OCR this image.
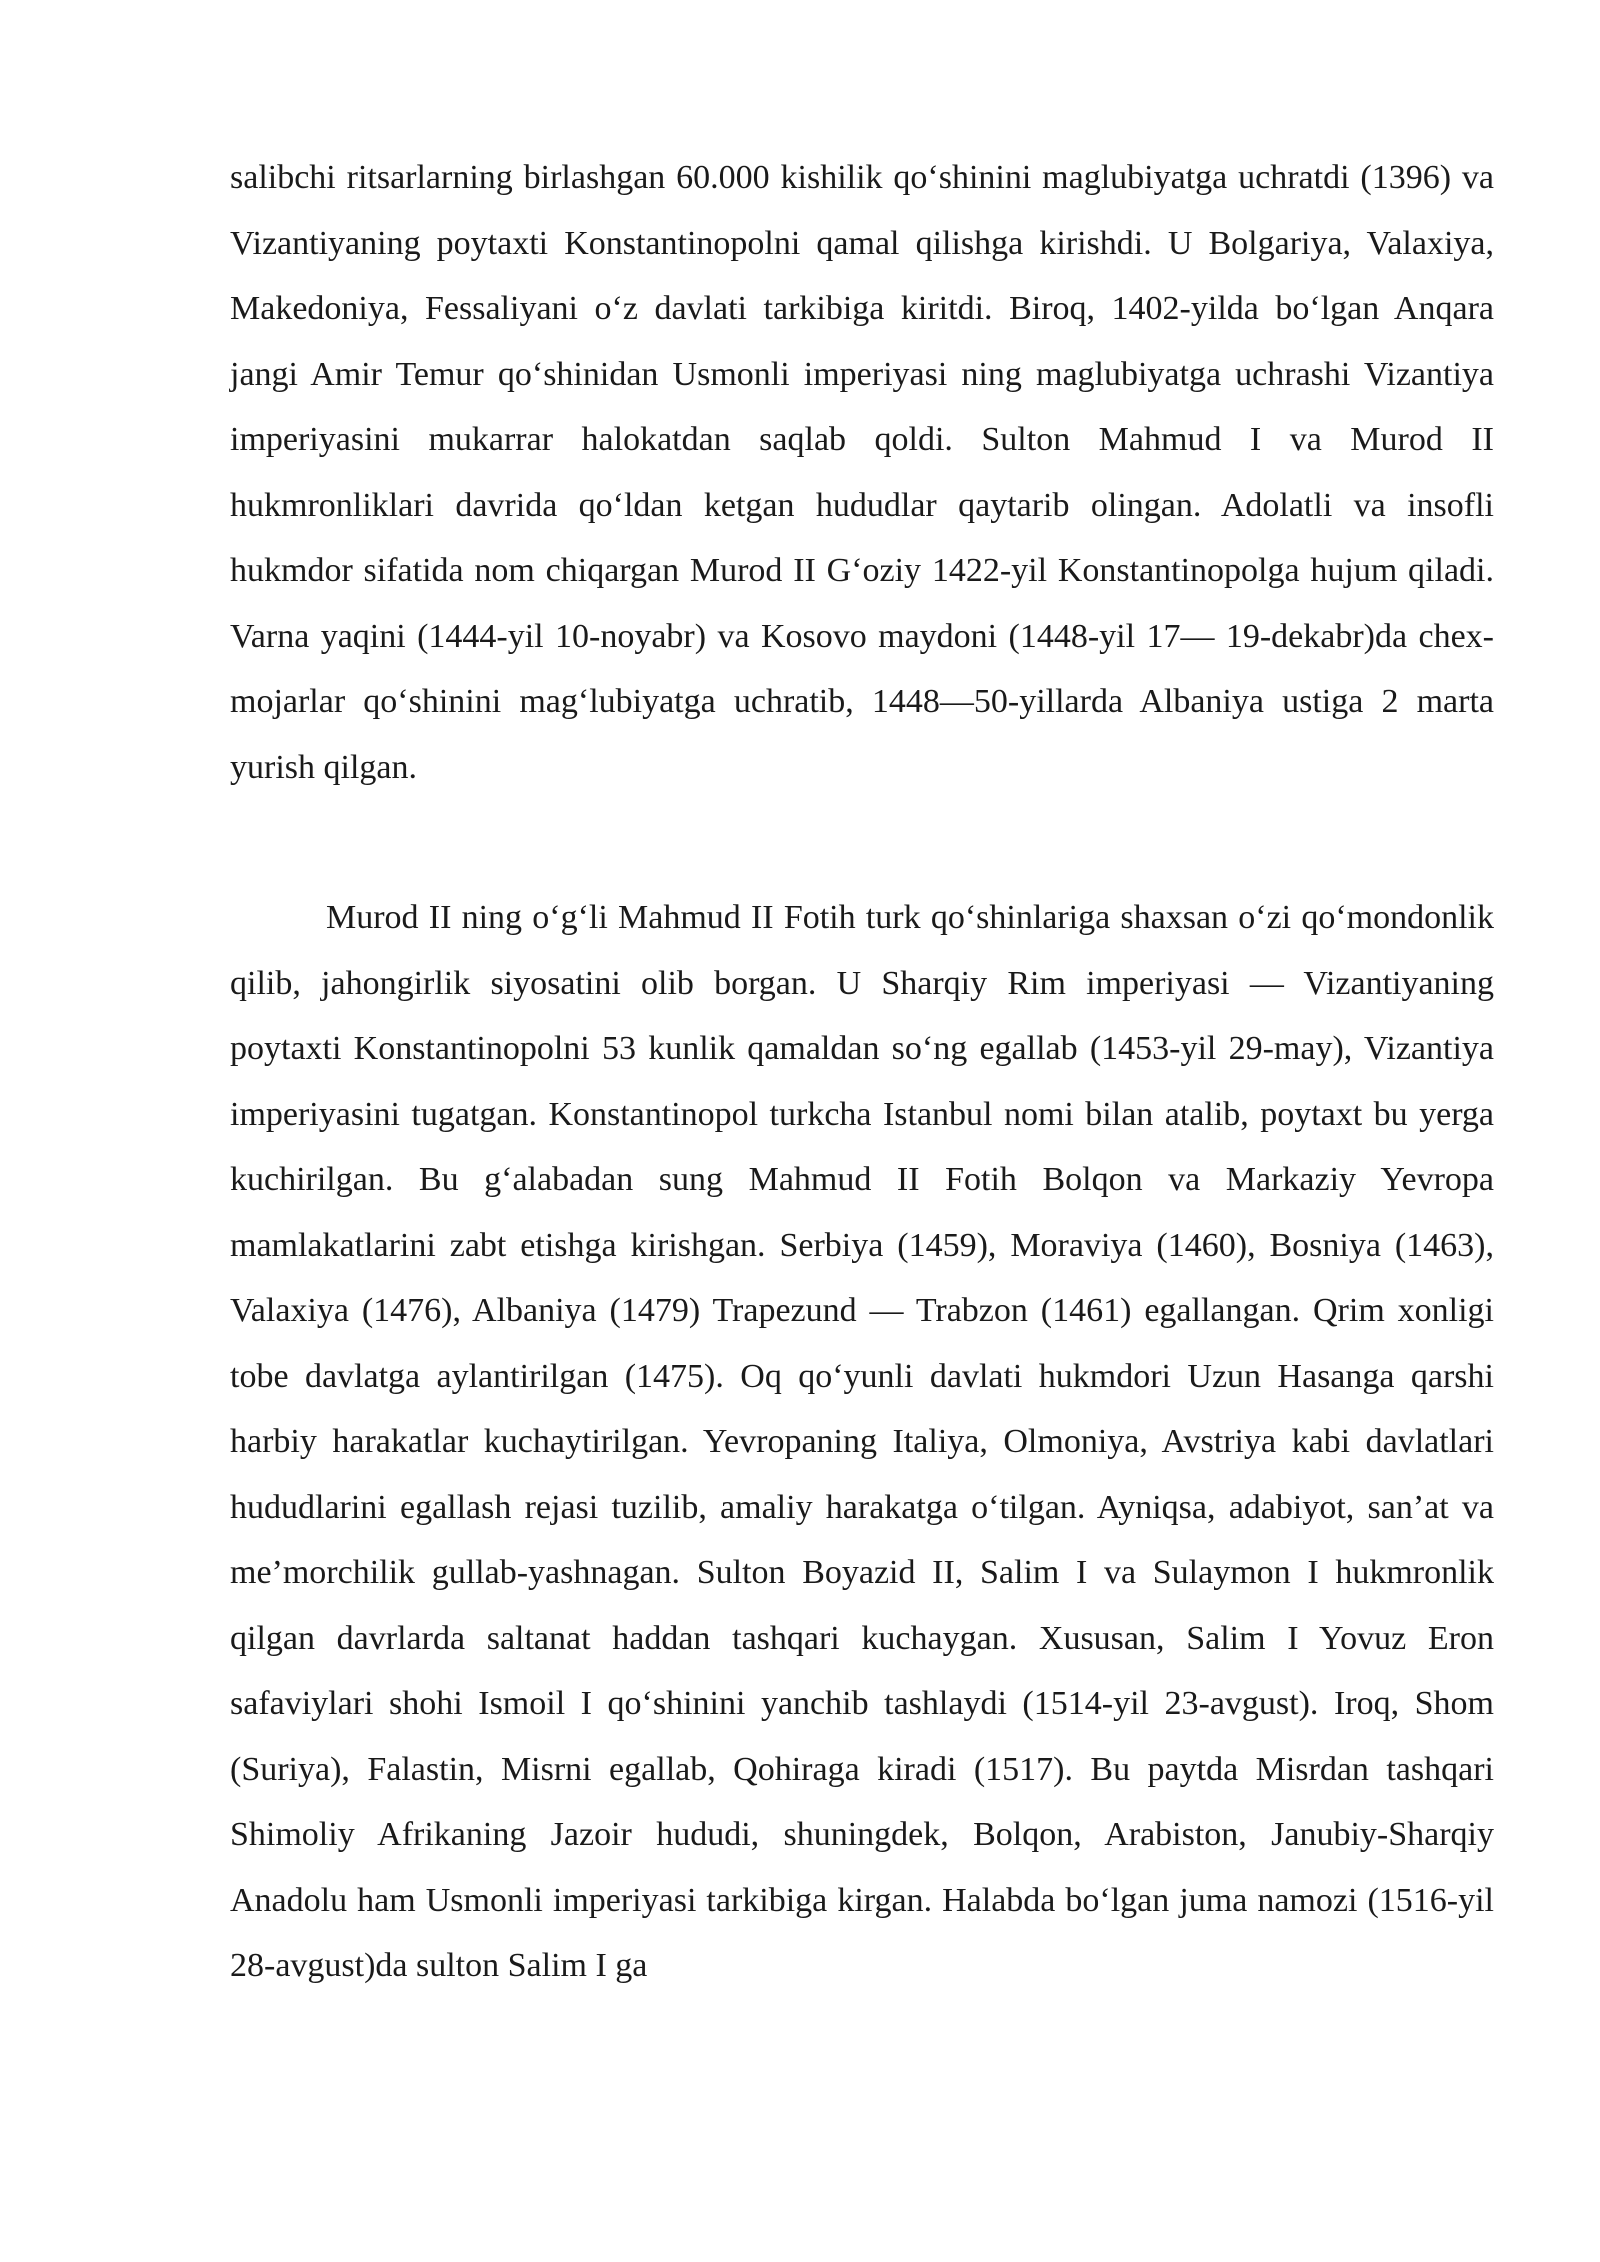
salibchi ritsarlarning birlashgan 60.000 kishilik qo‘shinini maglubiyatga uchratdi (1396) va Vizantiyaning poytaxti Konstantinopolni qamal qilishga kirishdi. U Bolgariya, Valaxiya, Makedoniya, Fessaliyani o‘z davlati tarkibiga kiritdi. Biroq, 1402-yilda bo‘lgan Anqara jangi Amir Temur qo‘shinidan Usmonli imperiyasi ning maglubiyatga uchrashi Vizantiya imperiyasini mukarrar halokatdan saqlab qoldi. Sulton Mahmud I va Murod II hukmronliklari davrida qo‘ldan ketgan hududlar qaytarib olingan. Adolatli va insofli hukmdor sifatida nom chiqargan Murod II G‘oziy 1422-yil Konstantinopolga hujum qiladi. Varna yaqini (1444-yil 10-noyabr) va Kosovo maydoni (1448-yil 17— 19-dekabr)da chex-mojarlar qo‘shinini mag‘lubiyatga uchratib, 1448—50-yillarda Albaniya ustiga 2 marta yurish qilgan.

Murod II ning o‘g‘li Mahmud II Fotih turk qo‘shinlariga shaxsan o‘zi qo‘mondonlik qilib, jahongirlik siyosatini olib borgan. U Sharqiy Rim imperiyasi — Vizantiyaning poytaxti Konstantinopolni 53 kunlik qamaldan so‘ng egallab (1453-yil 29-may), Vizantiya imperiyasini tugatgan. Konstantinopol turkcha Istanbul nomi bilan atalib, poytaxt bu yerga kuchirilgan. Bu g‘alabadan sung Mahmud II Fotih Bolqon va Markaziy Yevropa mamlakatlarini zabt etishga kirishgan. Serbiya (1459), Moraviya (1460), Bosniya (1463), Valaxiya (1476), Albaniya (1479) Trapezund — Trabzon (1461) egallangan. Qrim xonligi tobe davlatga aylantirilgan (1475). Oq qo‘yunli davlati hukmdori Uzun Hasanga qarshi harbiy harakatlar kuchaytirilgan. Yevropaning Italiya, Olmoniya, Avstriya kabi davlatlari hududlarini egallash rejasi tuzilib, amaliy harakatga o‘tilgan. Ayniqsa, adabiyot, san’at va me’morchilik gullab-yashnagan. Sulton Boyazid II, Salim I va Sulaymon I hukmronlik qilgan davrlarda saltanat haddan tashqari kuchaygan. Xususan, Salim I Yovuz Eron safaviylari shohi Ismoil I qo‘shinini yanchib tashlaydi (1514-yil 23-avgust). Iroq, Shom (Suriya), Falastin, Misrni egallab, Qohiraga kiradi (1517). Bu paytda Misrdan tashqari Shimoliy Afrikaning Jazoir hududi, shuningdek, Bolqon, Arabiston, Janubiy-Sharqiy Anadolu ham Usmonli imperiyasi tarkibiga kirgan. Halabda bo‘lgan juma namozi (1516-yil 28-avgust)da sulton Salim I ga
